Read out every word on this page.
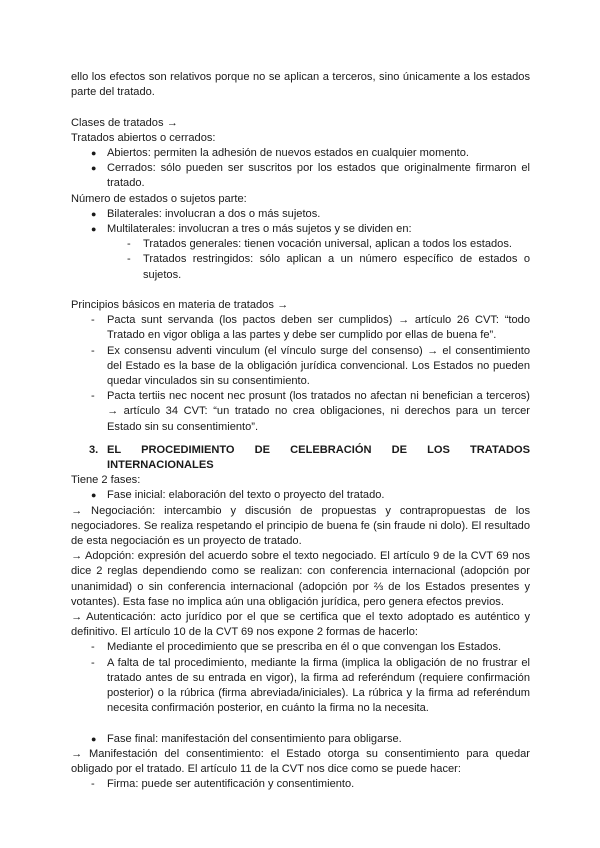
ello los efectos son relativos porque no se aplican a terceros, sino únicamente a los estados parte del tratado.

Clases de tratados →

Tratados abiertos o cerrados:

● Abiertos: permiten la adhesión de nuevos estados en cualquier momento.

● Cerrados: sólo pueden ser suscritos por los estados que originalmente firmaron el tratado.

Número de estados o sujetos parte:

● Bilaterales: involucran a dos o más sujetos.

● Multilaterales: involucran a tres o más sujetos y se dividen en:

- Tratados generales: tienen vocación universal, aplican a todos los estados.

- Tratados restringidos: sólo aplican a un número específico de estados o sujetos.

Principios básicos en materia de tratados →

- Pacta sunt servanda (los pactos deben ser cumplidos) → artículo 26 CVT: “todo Tratado en vigor obliga a las partes y debe ser cumplido por ellas de buena fe”.

- Ex consensu adventi vinculum (el vínculo surge del consenso) → el consentimiento del Estado es la base de la obligación jurídica convencional. Los Estados no pueden quedar vinculados sin su consentimiento.

- Pacta tertiis nec nocent nec prosunt (los tratados no afectan ni benefician a terceros) → artículo 34 CVT: “un tratado no crea obligaciones, ni derechos para un tercer Estado sin su consentimiento”.

3. EL PROCEDIMIENTO DE CELEBRACIÓN DE LOS TRATADOS
INTERNACIONALES

Tiene 2 fases:

● Fase inicial: elaboración del texto o proyecto del tratado.

→ Negociación: intercambio y discusión de propuestas y contrapropuestas de los negociadores. Se realiza respetando el principio de buena fe (sin fraude ni dolo). El resultado de esta negociación es un proyecto de tratado.

→ Adopción: expresión del acuerdo sobre el texto negociado. El artículo 9 de la CVT 69 nos dice 2 reglas dependiendo como se realizan: con conferencia internacional (adopción por unanimidad) o sin conferencia internacional (adopción por ⅔ de los Estados presentes y votantes). Esta fase no implica aún una obligación jurídica, pero genera efectos previos.

→ Autenticación: acto jurídico por el que se certifica que el texto adoptado es auténtico y definitivo. El artículo 10 de la CVT 69 nos expone 2 formas de hacerlo:

- Mediante el procedimiento que se prescriba en él o que convengan los Estados.

- A falta de tal procedimiento, mediante la firma (implica la obligación de no frustrar el tratado antes de su entrada en vigor), la firma ad referéndum (requiere confirmación posterior) o la rúbrica (firma abreviada/iniciales). La rúbrica y la firma ad referéndum necesita confirmación posterior, en cuánto la firma no la necesita.

● Fase final: manifestación del consentimiento para obligarse.

→ Manifestación del consentimiento: el Estado otorga su consentimiento para quedar obligado por el tratado. El artículo 11 de la CVT nos dice como se puede hacer:

- Firma: puede ser autentificación y consentimiento.
